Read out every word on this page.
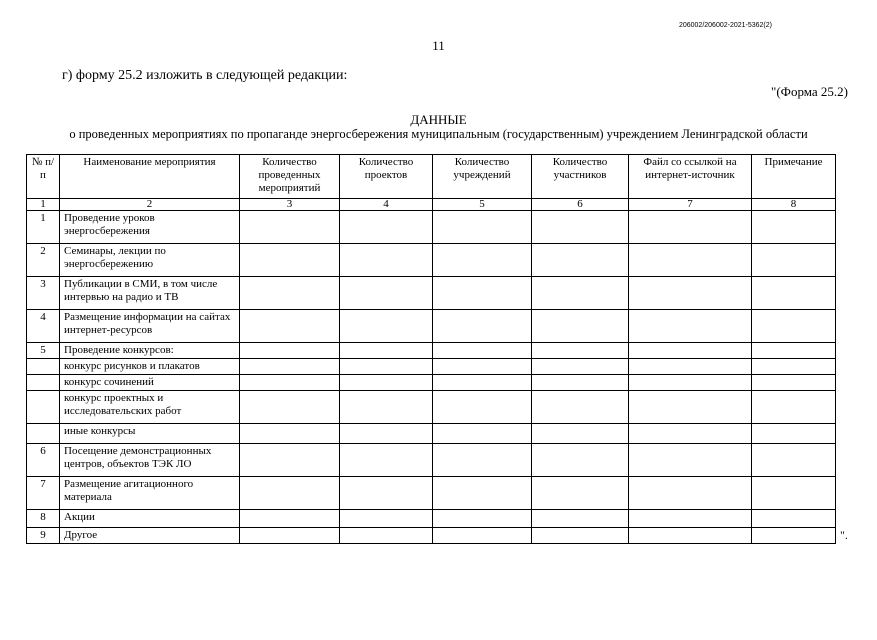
206002/206002-2021-5362(2)
11
г) форму 25.2 изложить в следующей редакции:
"(Форма 25.2)
ДАННЫЕ
о проведенных мероприятиях по пропаганде энергосбережения муниципальным (государственным) учреждением Ленинградской области
№ п/п	Наименование мероприятия	Количество проведенных мероприятий	Количество проектов	Количество учреждений	Количество участников	Файл со ссылкой на интернет-источник	Примечание
1	2	3	4	5	6	7	8
1	Проведение уроков энергосбережения						
2	Семинары, лекции по энергосбережению						
3	Публикации в СМИ, в том числе интервью на радио и ТВ						
4	Размещение информации на сайтах интернет-ресурсов						
5	Проведение конкурсов:						
	конкурс рисунков и плакатов						
	конкурс сочинений						
	конкурс проектных и исследовательских работ						
	иные конкурсы						
6	Посещение демонстрационных центров, объектов ТЭК ЛО						
7	Размещение агитационного материала						
8	Акции						
9	Другое							".
